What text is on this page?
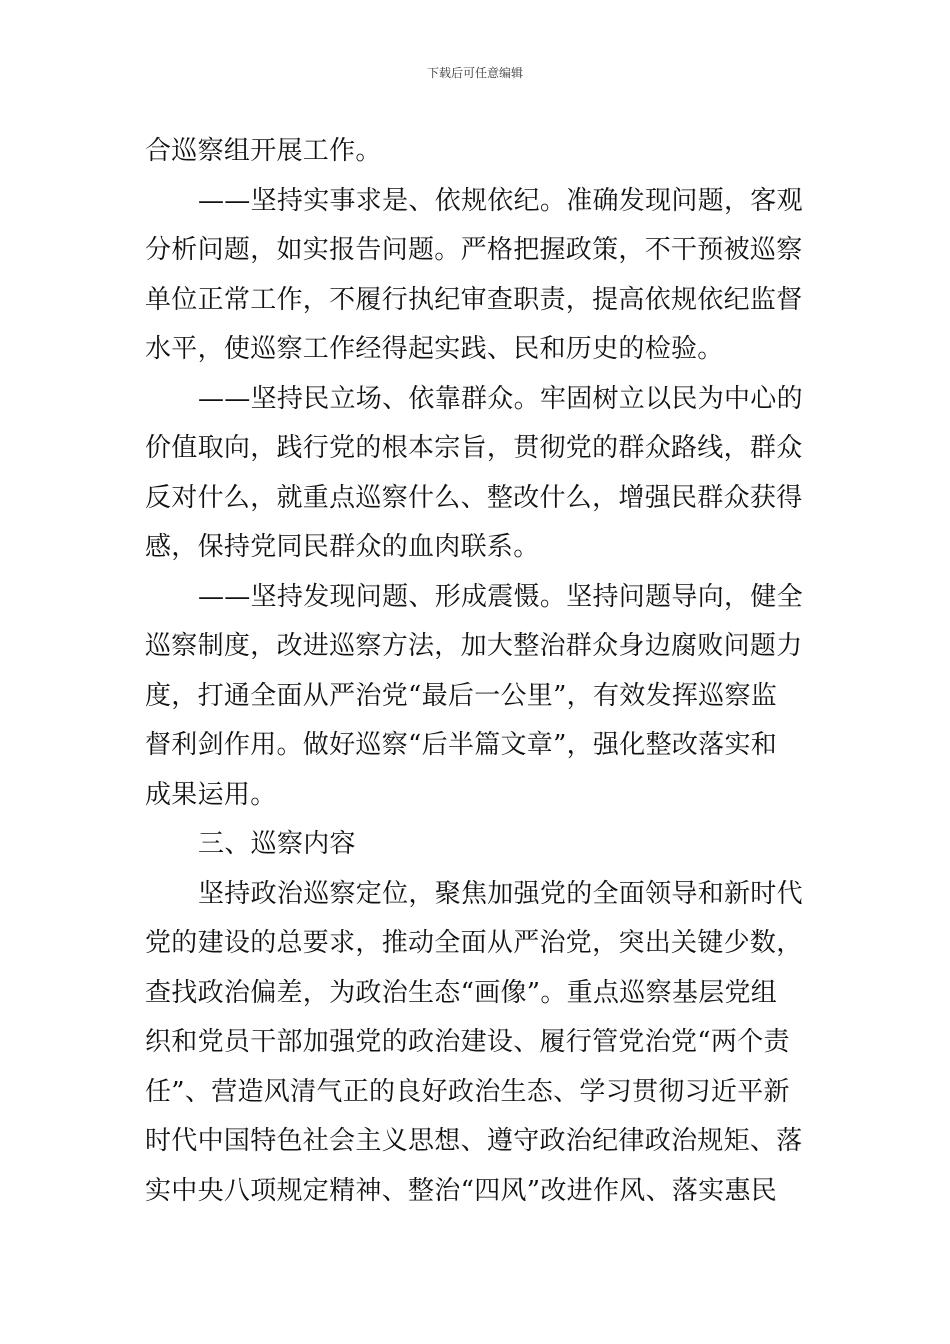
下载后可任意编辑
合巡察组开展工作。
——坚持实事求是、依规依纪。准确发现问题，客观
分析问题，如实报告问题。严格把握政策，不干预被巡察
单位正常工作，不履行执纪审查职责，提高依规依纪监督
水平，使巡察工作经得起实践、民和历史的检验。
——坚持民立场、依靠群众。牢固树立以民为中心的
价值取向，践行党的根本宗旨，贯彻党的群众路线，群众
反对什么，就重点巡察什么、整改什么，增强民群众获得
感，保持党同民群众的血肉联系。
——坚持发现问题、形成震慑。坚持问题导向，健全
巡察制度，改进巡察方法，加大整治群众身边腐败问题力
度，打通全面从严治党“最后一公里”，有效发挥巡察监
督利剑作用。做好巡察“后半篇文章”，强化整改落实和
成果运用。
三、巡察内容
坚持政治巡察定位，聚焦加强党的全面领导和新时代
党的建设的总要求，推动全面从严治党，突出关键少数，
查找政治偏差，为政治生态“画像”。重点巡察基层党组
织和党员干部加强党的政治建设、履行管党治党“两个责
任”、营造风清气正的良好政治生态、学习贯彻习近平新
时代中国特色社会主义思想、遵守政治纪律政治规矩、落
实中央八项规定精神、整治“四风”改进作风、落实惠民
